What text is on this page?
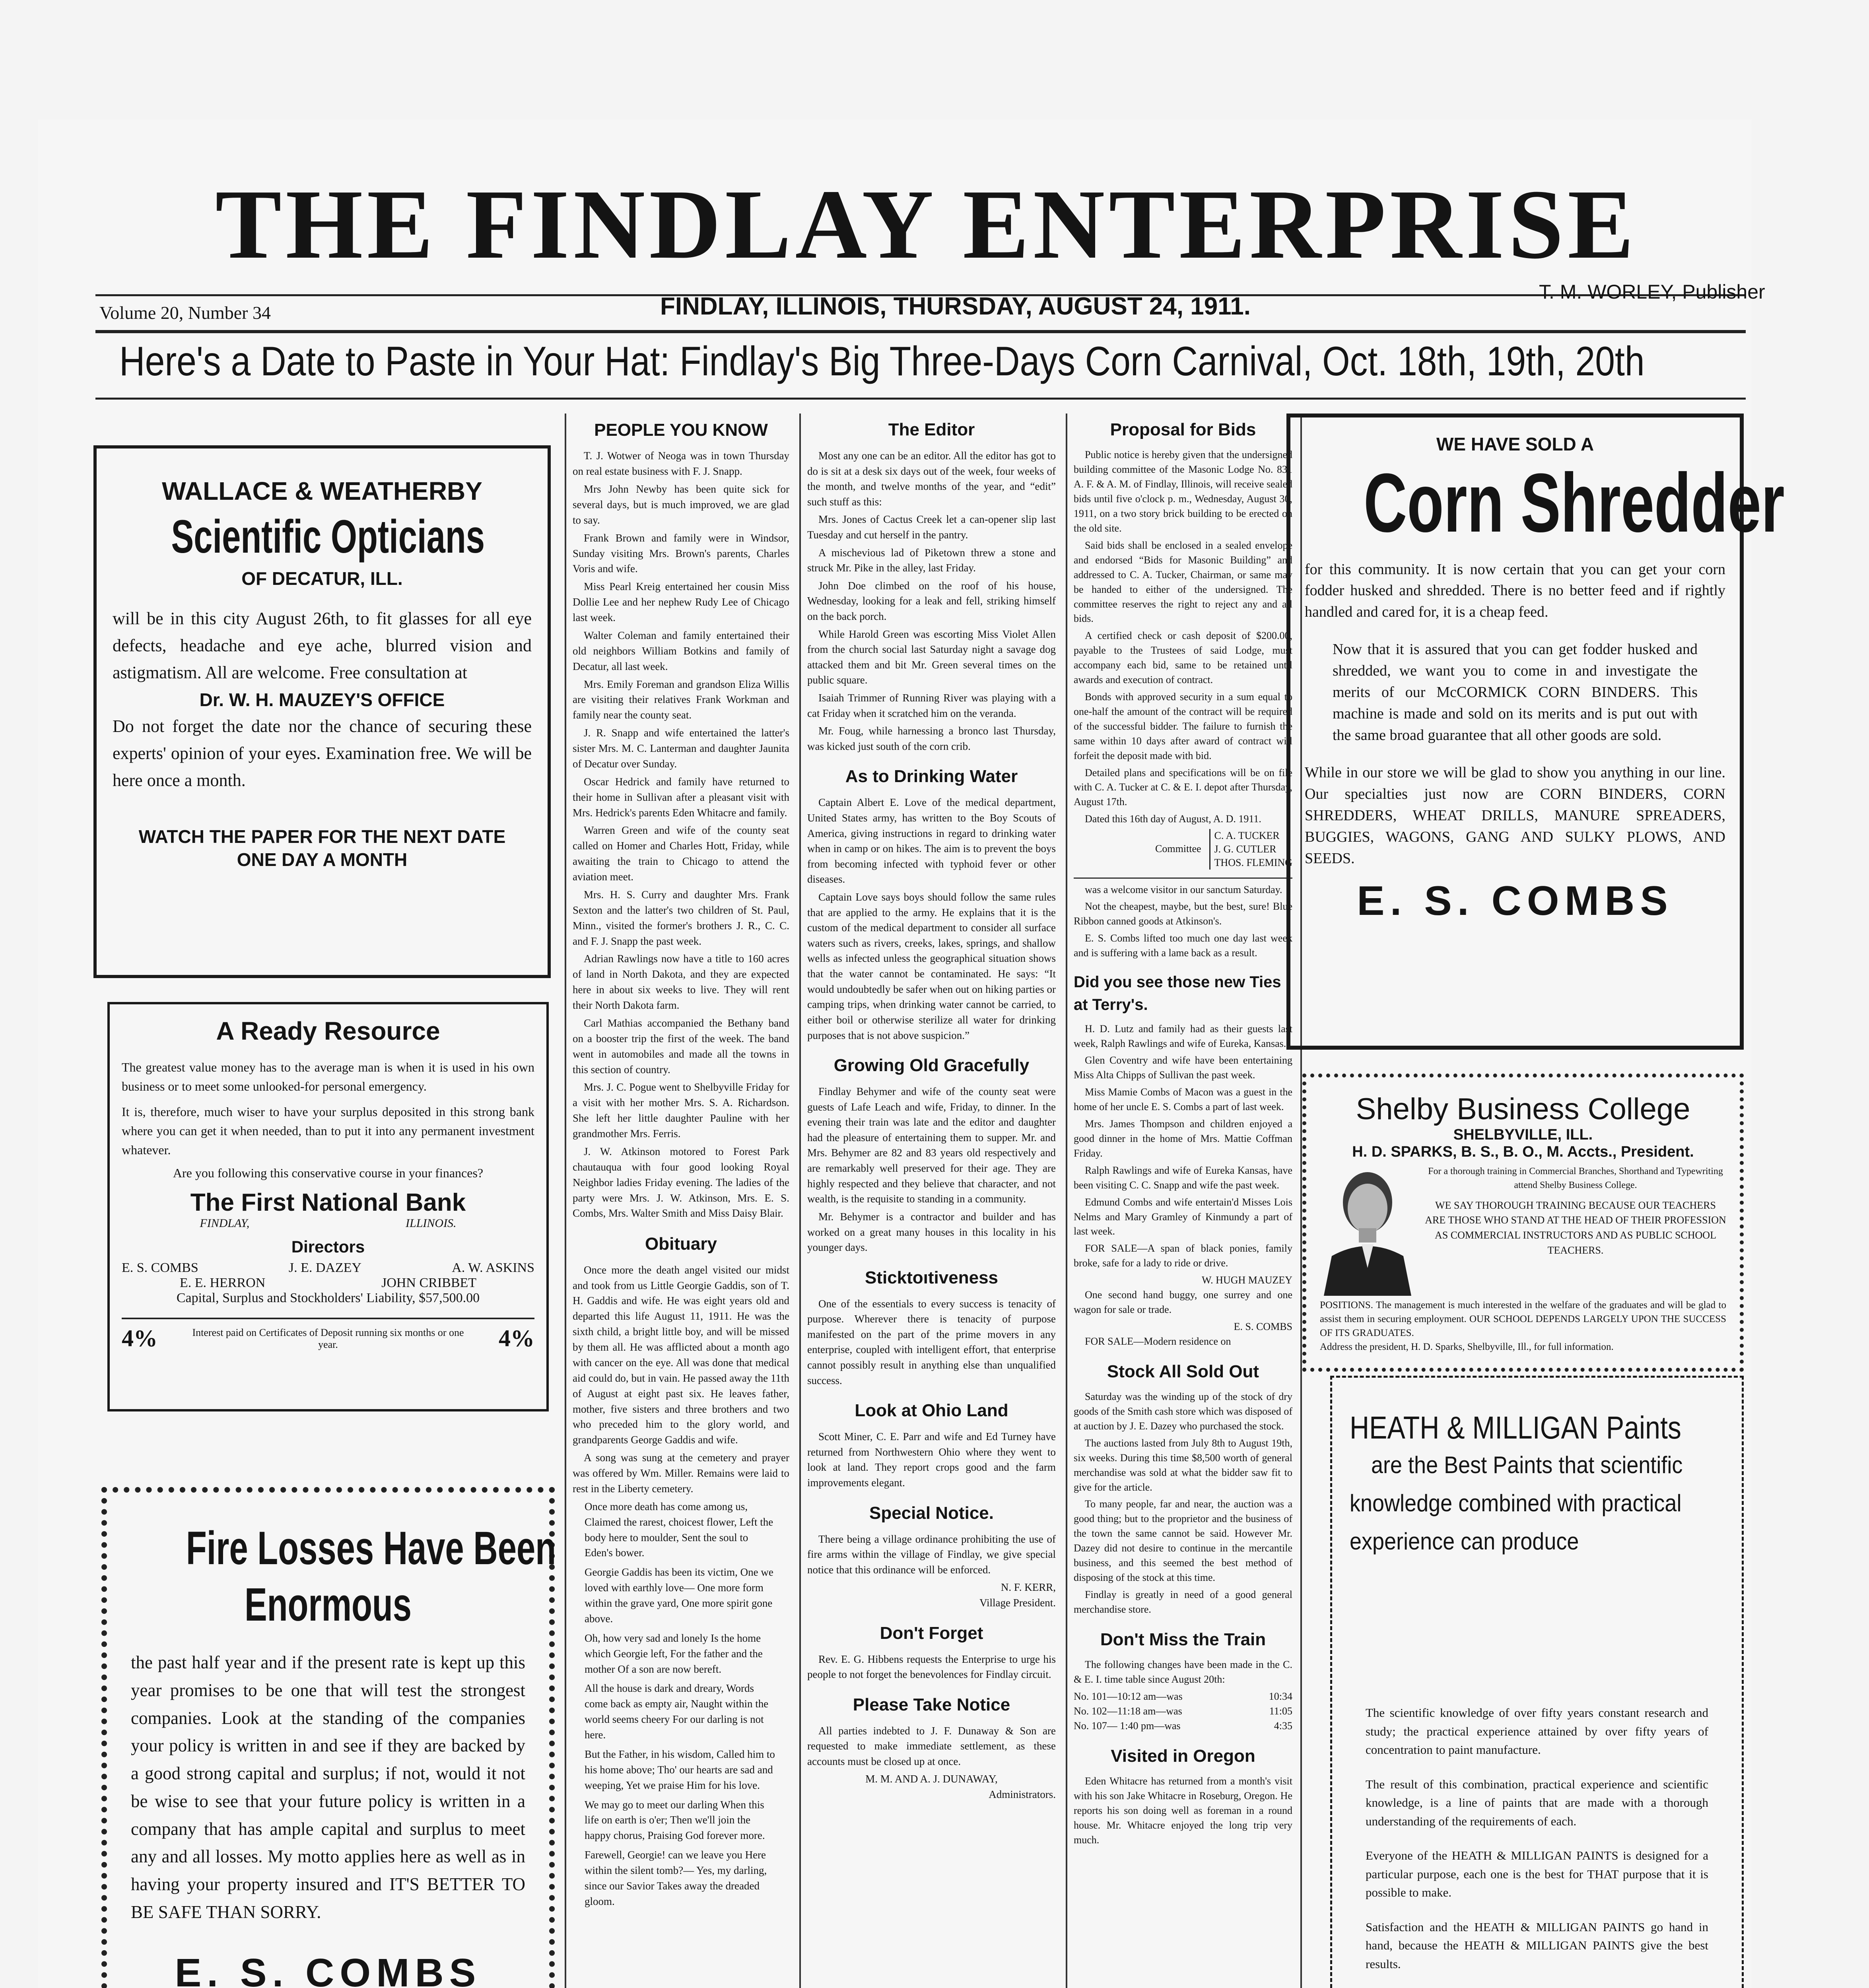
THE FINDLAY ENTERPRISE
Volume 20, Number 34	FINDLAY, ILLINOIS, THURSDAY, AUGUST 24, 1911.
T. M. WORLEY, Publisher
Here's a Date to Paste in Your Hat: Findlay's Big Three-Days Corn Carnival, Oct. 18th, 19th, 20th
WALLACE & WEATHERBY
Scientific Opticians
OF DECATUR, ILL.
will be in this city August 26th, to fit glasses for all eye defects, headache and eye ache, blurred vision and astigmatism. All are welcome. Free consultation at
Dr. W. H. MAUZEY'S OFFICE
Do not forget the date nor the chance of securing these experts' opinion of your eyes. Examination free. We will be here once a month.
WATCH THE PAPER FOR THE NEXT DATE
ONE DAY A MONTH
A Ready Resource
The greatest value money has to the average man is when it is used in his own business or to meet some unlooked-for personal emergency.
It is, therefore, much wiser to have your surplus deposited in this strong bank where you can get it when needed, than to put it into any permanent investment whatever.
Are you following this conservative course in your finances?
The First National Bank
FINDLAY,	ILLINOIS.
Directors
E. S. COMBS	J. E. DAZEY	A. W. ASKINS
E. E. HERRON	JOHN CRIBBET
Capital, Surplus and Stockholders' Liability, $57,500.00
4%	Interest paid on Certificates of Deposit running six months or one year.	4%
Fire Losses Have Been
Enormous
the past half year and if the present rate is kept up this year promises to be one that will test the strongest companies. Look at the standing of the companies your policy is written in and see if they are backed by a good strong capital and surplus; if not, would it not be wise to see that your future policy is written in a company that has ample capital and surplus to meet any and all losses. My motto applies here as well as in having your property insured and IT'S BETTER TO BE SAFE THAN SORRY.
E. S. COMBS
PEOPLE YOU KNOW

T. J. Wotwer of Neoga was in town Thursday on real estate business with F. J. Snapp.

Mrs John Newby has been quite sick for several days, but is much improved, we are glad to say.

Frank Brown and family were in Windsor, Sunday visiting Mrs. Brown's parents, Charles Voris and wife.

Miss Pearl Kreig entertained her cousin Miss Dollie Lee and her nephew Rudy Lee of Chicago last week.

Walter Coleman and family entertained their old neighbors William Botkins and family of Decatur, all last week.

Mrs. Emily Foreman and grandson Eliza Willis are visiting their relatives Frank Workman and family near the county seat.

J. R. Snapp and wife entertained the latter's sister Mrs. M. C. Lanterman and daughter Jaunita of Decatur over Sunday.

Oscar Hedrick and family have returned to their home in Sullivan after a pleasant visit with Mrs. Hedrick's parents Eden Whitacre and family.

Warren Green and wife of the county seat called on Homer and Charles Hott, Friday, while awaiting the train to Chicago to attend the aviation meet.

Mrs. H. S. Curry and daughter Mrs. Frank Sexton and the latter's two children of St. Paul, Minn., visited the former's brothers J. R., C. C. and F. J. Snapp the past week.

Adrian Rawlings now have a title to 160 acres of land in North Dakota, and they are expected here in about six weeks to live. They will rent their North Dakota farm.

Carl Mathias accompanied the Bethany band on a booster trip the first of the week. The band went in automobiles and made all the towns in this section of country.

Mrs. J. C. Pogue went to Shelbyville Friday for a visit with her mother Mrs. S. A. Richardson. She left her little daughter Pauline with her grandmother Mrs. Ferris.

J. W. Atkinson motored to Forest Park chautauqua with four good looking Royal Neighbor ladies Friday evening. The ladies of the party were Mrs. J. W. Atkinson, Mrs. E. S. Combs, Mrs. Walter Smith and Miss Daisy Blair.

Obituary

Once more the death angel visited our midst and took from us Little Georgie Gaddis, son of T. H. Gaddis and wife. He was eight years old and departed this life August 11, 1911. He was the sixth child, a bright little boy, and will be missed by them all. He was afflicted about a month ago with cancer on the eye. All was done that medical aid could do, but in vain. He passed away the 11th of August at eight past six. He leaves father, mother, five sisters and three brothers and two who preceded him to the glory world, and grandparents George Gaddis and wife.

A song was sung at the cemetery and prayer was offered by Wm. Miller. Remains were laid to rest in the Liberty cemetery.

Once more death has come among us, Claimed the rarest, choicest flower, Left the body here to moulder, Sent the soul to Eden's bower.

Georgie Gaddis has been its victim, One we loved with earthly love— One more form within the grave yard, One more spirit gone above.

Oh, how very sad and lonely Is the home which Georgie left, For the father and the mother Of a son are now bereft.

All the house is dark and dreary, Words come back as empty air, Naught within the world seems cheery For our darling is not here.

But the Father, in his wisdom, Called him to his home above; Tho' our hearts are sad and weeping, Yet we praise Him for his love.

We may go to meet our darling When this life on earth is o'er; Then we'll join the happy chorus, Praising God forever more.

Farewell, Georgie! can we leave you Here within the silent tomb?— Yes, my darling, since our Savior Takes away the dreaded gloom.

The Editor

Most any one can be an editor. All the editor has got to do is sit at a desk six days out of the week, four weeks of the month, and twelve months of the year, and “edit” such stuff as this:

Mrs. Jones of Cactus Creek let a can-opener slip last Tuesday and cut herself in the pantry.

A mischevious lad of Piketown threw a stone and struck Mr. Pike in the alley, last Friday.

John Doe climbed on the roof of his house, Wednesday, looking for a leak and fell, striking himself on the back porch.

While Harold Green was escorting Miss Violet Allen from the church social last Saturday night a savage dog attacked them and bit Mr. Green several times on the public square.

Isaiah Trimmer of Running River was playing with a cat Friday when it scratched him on the veranda.

Mr. Foug, while harnessing a bronco last Thursday, was kicked just south of the corn crib.

As to Drinking Water

Captain Albert E. Love of the medical department, United States army, has written to the Boy Scouts of America, giving instructions in regard to drinking water when in camp or on hikes. The aim is to prevent the boys from becoming infected with typhoid fever or other diseases.

Captain Love says boys should follow the same rules that are applied to the army. He explains that it is the custom of the medical department to consider all surface waters such as rivers, creeks, lakes, springs, and shallow wells as infected unless the geographical situation shows that the water cannot be contaminated. He says: “It would undoubtedly be safer when out on hiking parties or camping trips, when drinking water cannot be carried, to either boil or otherwise sterilize all water for drinking purposes that is not above suspicion.”

Growing Old Gracefully

Findlay Behymer and wife of the county seat were guests of Lafe Leach and wife, Friday, to dinner. In the evening their train was late and the editor and daughter had the pleasure of entertaining them to supper. Mr. and Mrs. Behymer are 82 and 83 years old respectively and are remarkably well preserved for their age. They are highly respected and they believe that character, and not wealth, is the requisite to standing in a community.

Mr. Behymer is a contractor and builder and has worked on a great many houses in this locality in his younger days.

Sticktoıtiveness

One of the essentials to every success is tenacity of purpose. Wherever there is tenacity of purpose manifested on the part of the prime movers in any enterprise, coupled with intelligent effort, that enterprise cannot possibly result in anything else than unqualified success.

Look at Ohio Land

Scott Miner, C. E. Parr and wife and Ed Turney have returned from Northwestern Ohio where they went to look at land. They report crops good and the farm improvements elegant.

Special Notice.

There being a village ordinance prohibiting the use of fire arms within the village of Findlay, we give special notice that this ordinance will be enforced.

N. F. KERR,
Village President.
Don't Forget

Rev. E. G. Hibbens requests the Enterprise to urge his people to not forget the benevolences for Findlay circuit.

Please Take Notice

All parties indebted to J. F. Dunaway & Son are requested to make immediate settlement, as these accounts must be closed up at once.

M. M. AND A. J. DUNAWAY,
Administrators.
Proposal for Bids

Public notice is hereby given that the undersigned building committee of the Masonic Lodge No. 831 A. F. & A. M. of Findlay, Illinois, will receive sealed bids until five o'clock p. m., Wednesday, August 30, 1911, on a two story brick building to be erected on the old site.

Said bids shall be enclosed in a sealed envelope and endorsed “Bids for Masonic Building” and addressed to C. A. Tucker, Chairman, or same may be handed to either of the undersigned. The committee reserves the right to reject any and all bids.

A certified check or cash deposit of $200.00, payable to the Trustees of said Lodge, must accompany each bid, same to be retained until awards and execution of contract.

Bonds with approved security in a sum equal to one-half the amount of the contract will be required of the successful bidder. The failure to furnish the same within 10 days after award of contract will forfeit the deposit made with bid.

Detailed plans and specifications will be on file with C. A. Tucker at C. & E. I. depot after Thursday, August 17th.

Dated this 16th day of August, A. D. 1911.

Committee
C. A. TUCKER
J. G. CUTLER
THOS. FLEMING

was a welcome visitor in our sanctum Saturday.

Not the cheapest, maybe, but the best, sure! Blue Ribbon canned goods at Atkinson's.

E. S. Combs lifted too much one day last week and is suffering with a lame back as a result.

Did you see those new Ties at Terry's.

H. D. Lutz and family had as their guests last week, Ralph Rawlings and wife of Eureka, Kansas.

Glen Coventry and wife have been entertaining Miss Alta Chipps of Sullivan the past week.

Miss Mamie Combs of Macon was a guest in the home of her uncle E. S. Combs a part of last week.

Mrs. James Thompson and children enjoyed a good dinner in the home of Mrs. Mattie Coffman Friday.

Ralph Rawlings and wife of Eureka Kansas, have been visiting C. C. Snapp and wife the past week.

Edmund Combs and wife entertain'd Misses Lois Nelms and Mary Gramley of Kinmundy a part of last week.

FOR SALE—A span of black ponies, family broke, safe for a lady to ride or drive.

W. HUGH MAUZEY

One second hand buggy, one surrey and one wagon for sale or trade.

E. S. COMBS

FOR SALE—Modern residence on

Stock All Sold Out

Saturday was the winding up of the stock of dry goods of the Smith cash store which was disposed of at auction by J. E. Dazey who purchased the stock.

The auctions lasted from July 8th to August 19th, six weeks. During this time $8,500 worth of general merchandise was sold at what the bidder saw fit to give for the article.

To many people, far and near, the auction was a good thing; but to the proprietor and the business of the town the same cannot be said. However Mr. Dazey did not desire to continue in the mercantile business, and this seemed the best method of disposing of the stock at this time.

Findlay is greatly in need of a good general merchandise store.

Don't Miss the Train

The following changes have been made in the C. & E. I. time table since August 20th:

No. 101—10:12 am—was	10:34
No. 102—11:18 am—was	11:05
No. 107— 1:40 pm—was	4:35
Visited in Oregon

Eden Whitacre has returned from a month's visit with his son Jake Whitacre in Roseburg, Oregon. He reports his son doing well as foreman in a round house. Mr. Whitacre enjoyed the long trip very much.

WE HAVE SOLD A
Corn Shredder
for this community. It is now certain that you can get your corn fodder husked and shredded. There is no better feed and if rightly handled and cared for, it is a cheap feed.
Now that it is assured that you can get fodder husked and shredded, we want you to come in and investigate the merits of our McCORMICK CORN BINDERS. This machine is made and sold on its merits and is put out with the same broad guarantee that all other goods are sold.
While in our store we will be glad to show you anything in our line. Our specialties just now are CORN BINDERS, CORN SHREDDERS, WHEAT DRILLS, MANURE SPREADERS, BUGGIES, WAGONS, GANG AND SULKY PLOWS, AND SEEDS.
E. S. COMBS
Shelby Business College
SHELBYVILLE, ILL.
H. D. SPARKS, B. S., B. O., M. Accts., President.
For a thorough training in Commercial Branches, Shorthand and Typewriting attend Shelby Business College.
WE SAY THOROUGH TRAINING BECAUSE OUR TEACHERS ARE THOSE WHO STAND AT THE HEAD OF THEIR PROFESSION AS COMMERCIAL INSTRUCTORS AND AS PUBLIC SCHOOL TEACHERS.
POSITIONS. The management is much interested in the welfare of the graduates and will be glad to assist them in securing employment. OUR SCHOOL DEPENDS LARGELY UPON THE SUCCESS OF ITS GRADUATES.
Address the president, H. D. Sparks, Shelbyville, Ill., for full information.
HEATH & MILLIGAN Paints
are the Best Paints that scientific
knowledge combined with practical
experience can produce
The scientific knowledge of over fifty years constant research and study; the practical experience attained by over fifty years of concentration to paint manufacture.
The result of this combination, practical experience and scientific knowledge, is a line of paints that are made with a thorough understanding of the requirements of each.
Everyone of the HEATH & MILLIGAN PAINTS is designed for a particular purpose, each one is the best for THAT purpose that it is possible to make.
Satisfaction and the HEATH & MILLIGAN PAINTS go hand in hand, because the HEATH & MILLIGAN PAINTS give the best results.
